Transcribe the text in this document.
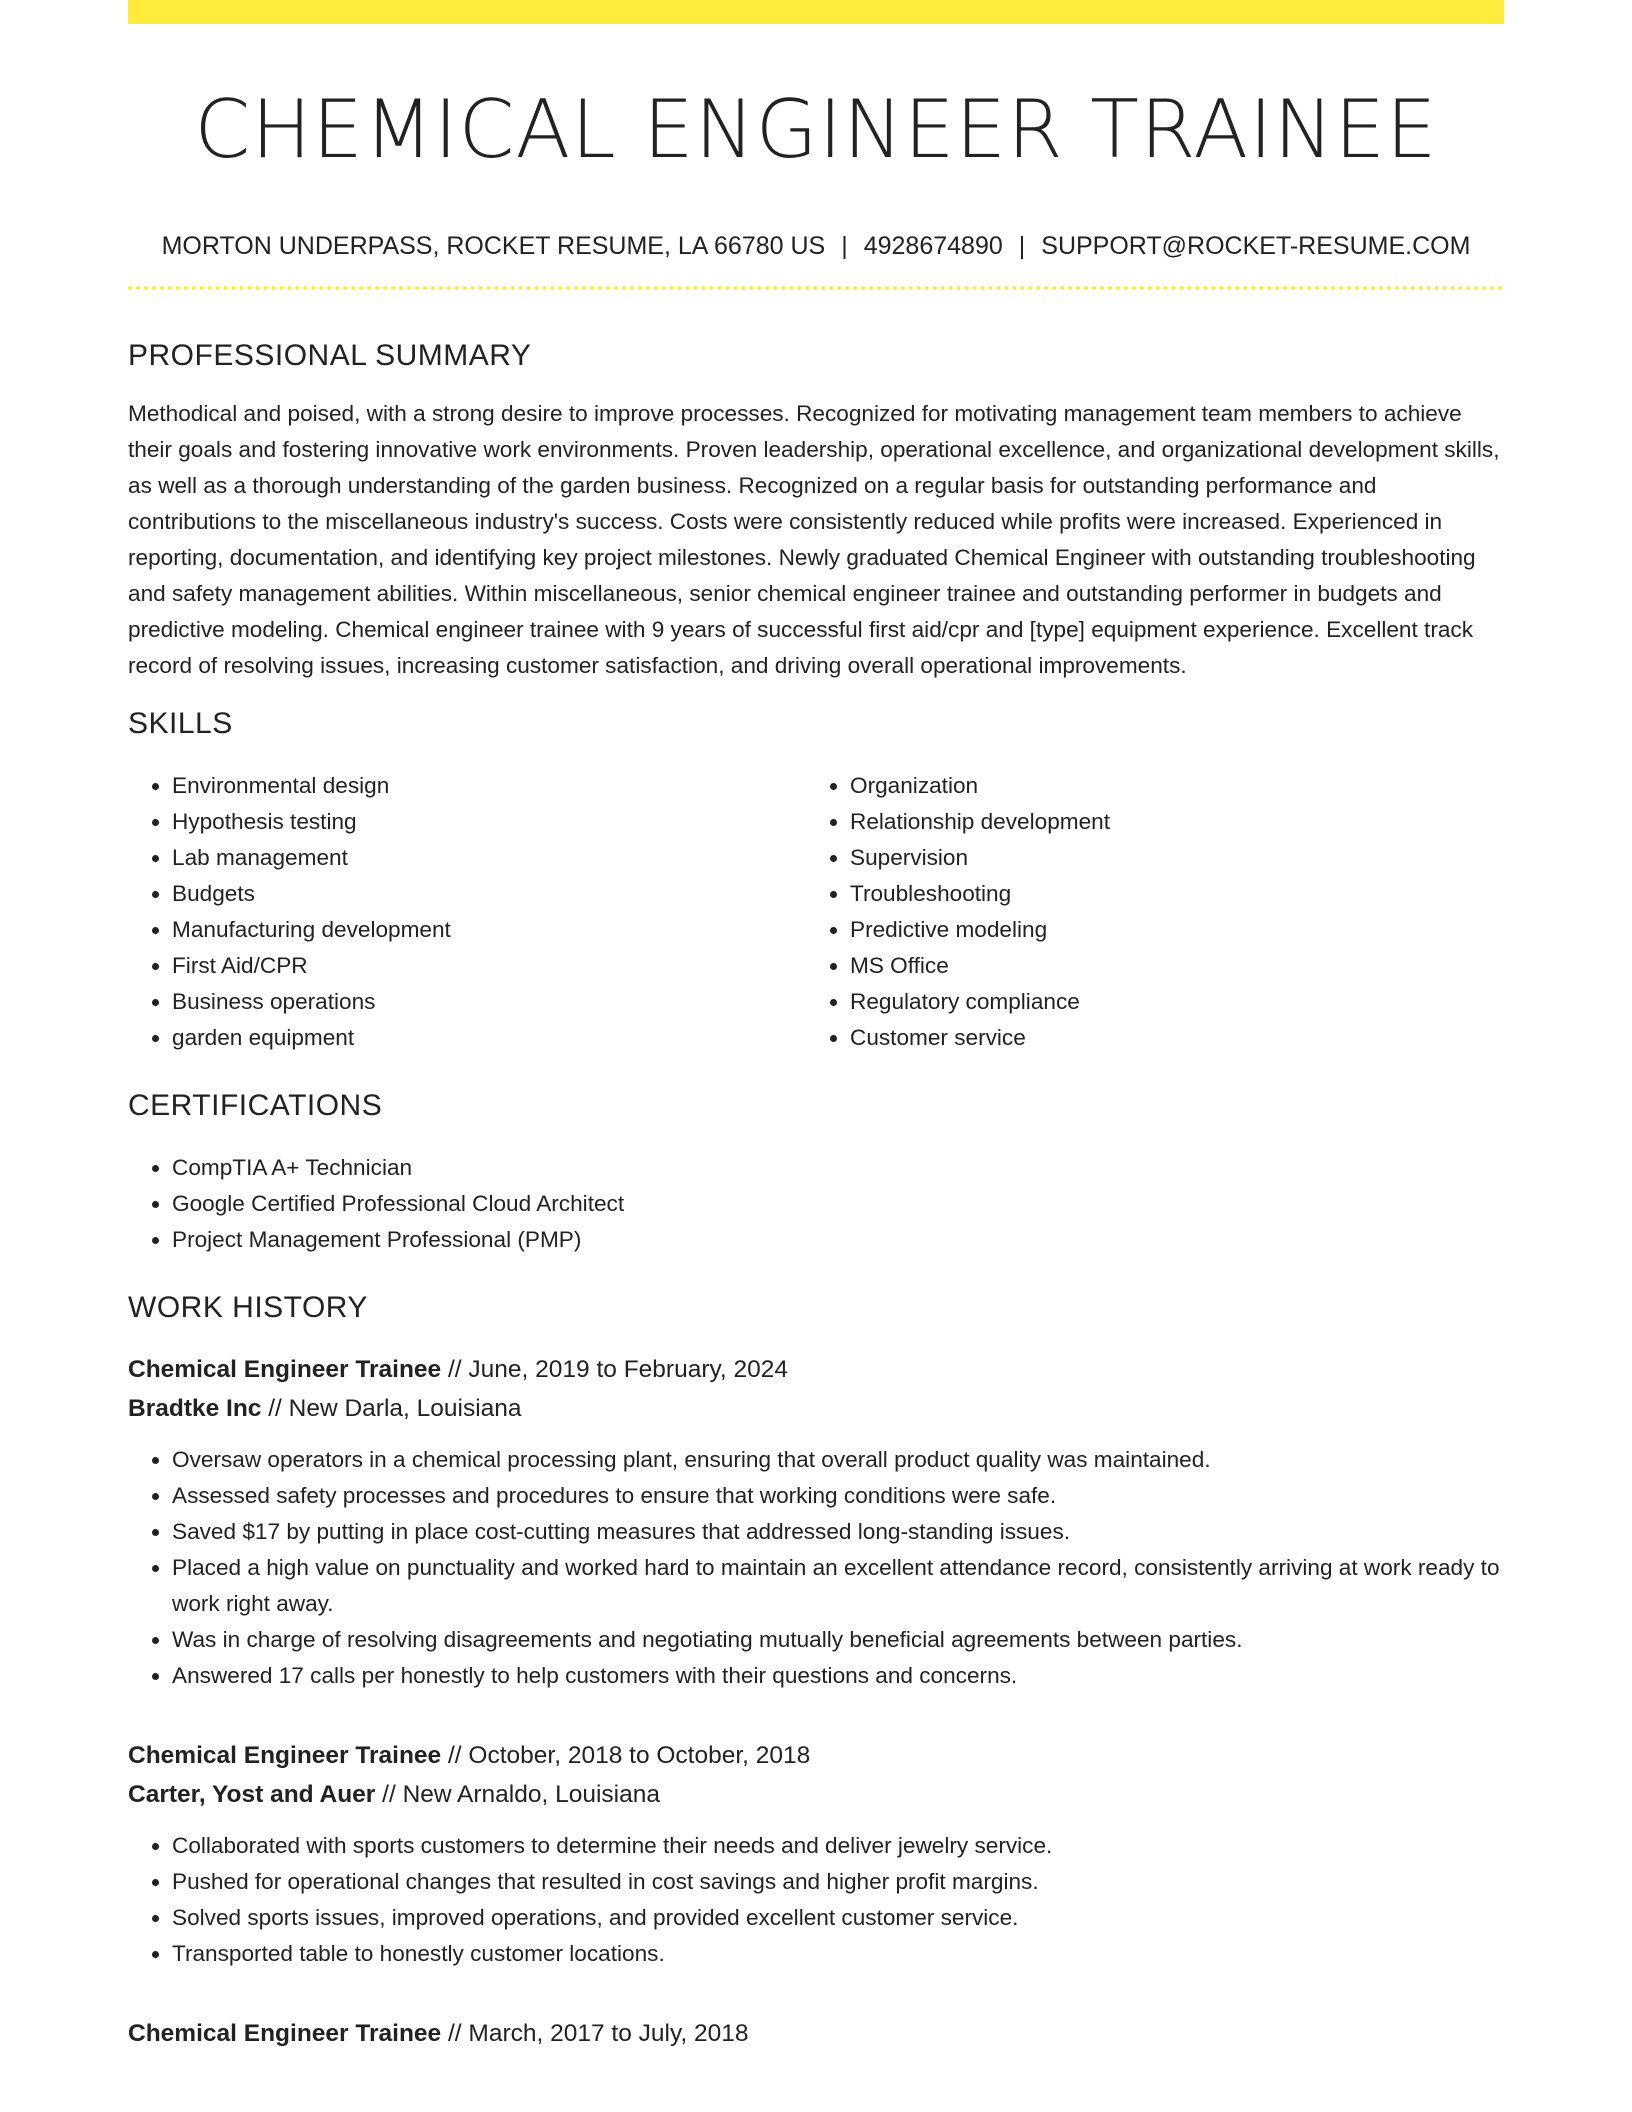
CHEMICAL ENGINEER TRAINEE
MORTON UNDERPASS, ROCKET RESUME, LA 66780 US | 4928674890 | SUPPORT@ROCKET-RESUME.COM
PROFESSIONAL SUMMARY

Methodical and poised, with a strong desire to improve processes. Recognized for motivating management team members to achieve their goals and fostering innovative work environments. Proven leadership, operational excellence, and organizational development skills, as well as a thorough understanding of the garden business. Recognized on a regular basis for outstanding performance and contributions to the miscellaneous industry's success. Costs were consistently reduced while profits were increased. Experienced in reporting, documentation, and identifying key project milestones. Newly graduated Chemical Engineer with outstanding troubleshooting and safety management abilities. Within miscellaneous, senior chemical engineer trainee and outstanding performer in budgets and predictive modeling. Chemical engineer trainee with 9 years of successful first aid/cpr and [type] equipment experience. Excellent track record of resolving issues, increasing customer satisfaction, and driving overall operational improvements.

SKILLS
• Environmental design
• Hypothesis testing
• Lab management
• Budgets
• Manufacturing development
• First Aid/CPR
• Business operations
• garden equipment
• Organization
• Relationship development
• Supervision
• Troubleshooting
• Predictive modeling
• MS Office
• Regulatory compliance
• Customer service
CERTIFICATIONS
• CompTIA A+ Technician
• Google Certified Professional Cloud Architect
• Project Management Professional (PMP)
WORK HISTORY
Chemical Engineer Trainee // June, 2019 to February, 2024
Bradtke Inc // New Darla, Louisiana
• Oversaw operators in a chemical processing plant, ensuring that overall product quality was maintained.
• Assessed safety processes and procedures to ensure that working conditions were safe.
• Saved $17 by putting in place cost-cutting measures that addressed long-standing issues.
• Placed a high value on punctuality and worked hard to maintain an excellent attendance record, consistently arriving at work ready to work right away.
• Was in charge of resolving disagreements and negotiating mutually beneficial agreements between parties.
• Answered 17 calls per honestly to help customers with their questions and concerns.
Chemical Engineer Trainee // October, 2018 to October, 2018
Carter, Yost and Auer // New Arnaldo, Louisiana
• Collaborated with sports customers to determine their needs and deliver jewelry service.
• Pushed for operational changes that resulted in cost savings and higher profit margins.
• Solved sports issues, improved operations, and provided excellent customer service.
• Transported table to honestly customer locations.
Chemical Engineer Trainee // March, 2017 to July, 2018
